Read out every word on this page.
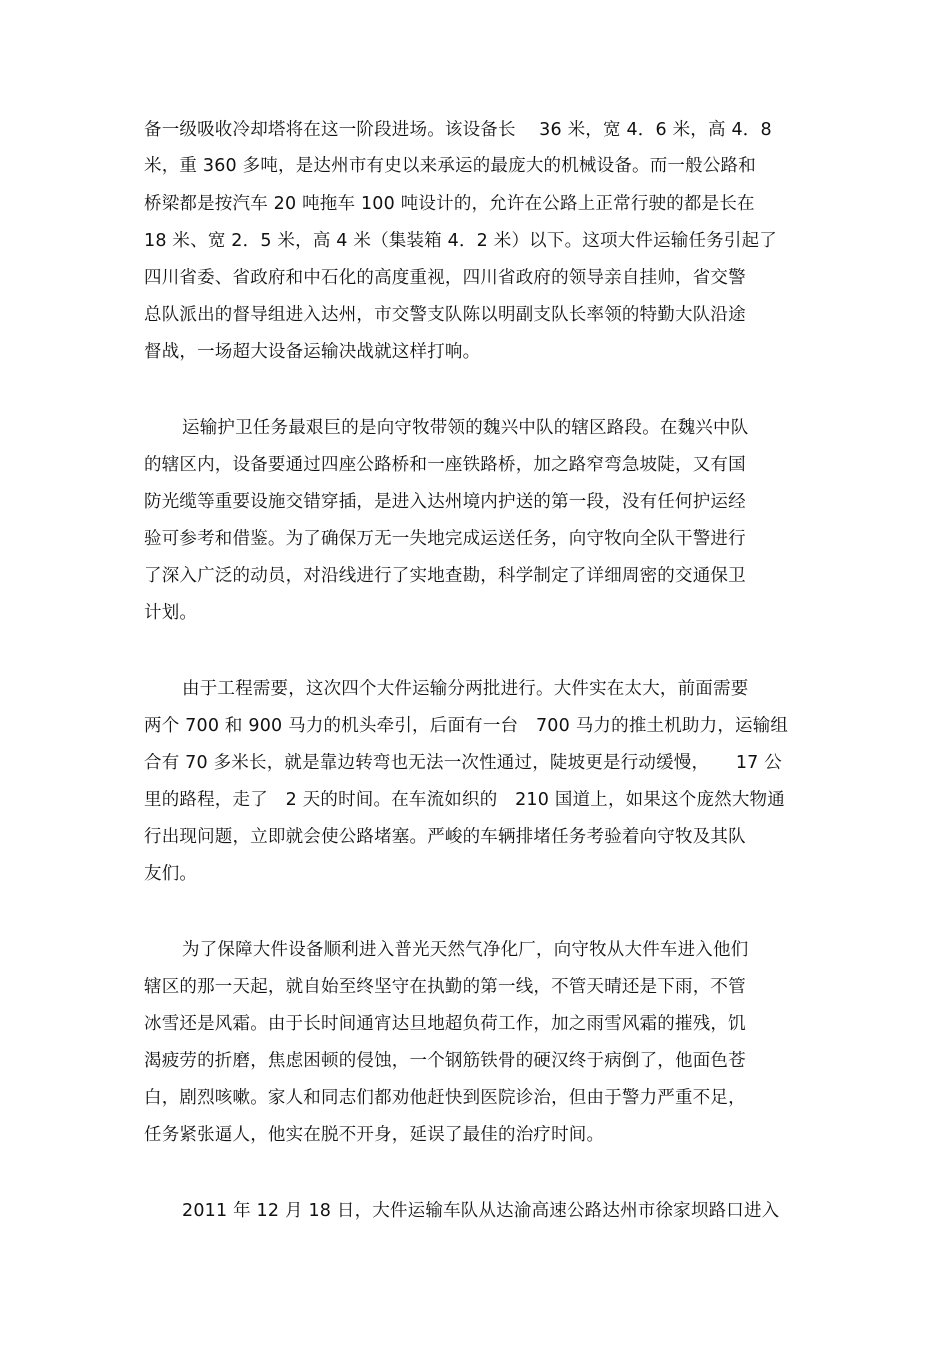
备一级吸收冷却塔将在这一阶段进场。该设备长　 36 米，宽 4．6 米，高 4．8
米，重 360 多吨，是达州市有史以来承运的最庞大的机械设备。而一般公路和
桥梁都是按汽车 20 吨拖车 100 吨设计的，允许在公路上正常行驶的都是长在
18 米、宽 2．5 米，高 4 米（集装箱 4．2 米）以下。这项大件运输任务引起了
四川省委、省政府和中石化的高度重视，四川省政府的领导亲自挂帅，省交警
总队派出的督导组进入达州，市交警支队陈以明副支队长率领的特勤大队沿途
督战，一场超大设备运输决战就这样打响。
运输护卫任务最艰巨的是向守牧带领的魏兴中队的辖区路段。在魏兴中队
的辖区内，设备要通过四座公路桥和一座铁路桥，加之路窄弯急坡陡，又有国
防光缆等重要设施交错穿插，是进入达州境内护送的第一段，没有任何护运经
验可参考和借鉴。为了确保万无一失地完成运送任务，向守牧向全队干警进行
了深入广泛的动员，对沿线进行了实地查勘，科学制定了详细周密的交通保卫
计划。
由于工程需要，这次四个大件运输分两批进行。大件实在太大，前面需要
两个 700 和 900 马力的机头牵引，后面有一台　700 马力的推土机助力，运输组
合有 70 多米长，就是靠边转弯也无法一次性通过，陡坡更是行动缓慢，　　17 公
里的路程，走了　2 天的时间。在车流如织的　210 国道上，如果这个庞然大物通
行出现问题，立即就会使公路堵塞。严峻的车辆排堵任务考验着向守牧及其队
友们。
为了保障大件设备顺利进入普光天然气净化厂，向守牧从大件车进入他们
辖区的那一天起，就自始至终坚守在执勤的第一线，不管天晴还是下雨，不管
冰雪还是风霜。由于长时间通宵达旦地超负荷工作，加之雨雪风霜的摧残，饥
渴疲劳的折磨，焦虑困顿的侵蚀，一个钢筋铁骨的硬汉终于病倒了，他面色苍
白，剧烈咳嗽。家人和同志们都劝他赶快到医院诊治，但由于警力严重不足，
任务紧张逼人，他实在脱不开身，延误了最佳的治疗时间。
2011 年 12 月 18 日，大件运输车队从达渝高速公路达州市徐家坝路口进入
